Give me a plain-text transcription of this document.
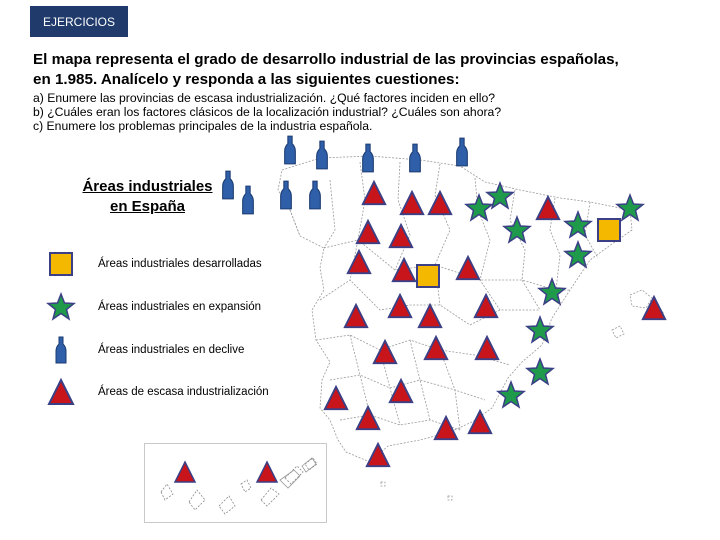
EJERCICIOS
El mapa representa el grado de desarrollo industrial de las provincias españolas,
en 1.985. Analícelo y responda a las siguientes cuestiones:
a) Enumere las provincias de escasa industrialización. ¿Qué factores inciden en ello?
b) ¿Cuáles eran los factores clásicos de la localización industrial? ¿Cuáles son ahora?
c) Enumere los problemas principales de la industria española.
Áreas industriales
en España
Áreas industriales desarrolladas
Áreas industriales en expansión
Áreas industriales en declive
Áreas de escasa industrialización
